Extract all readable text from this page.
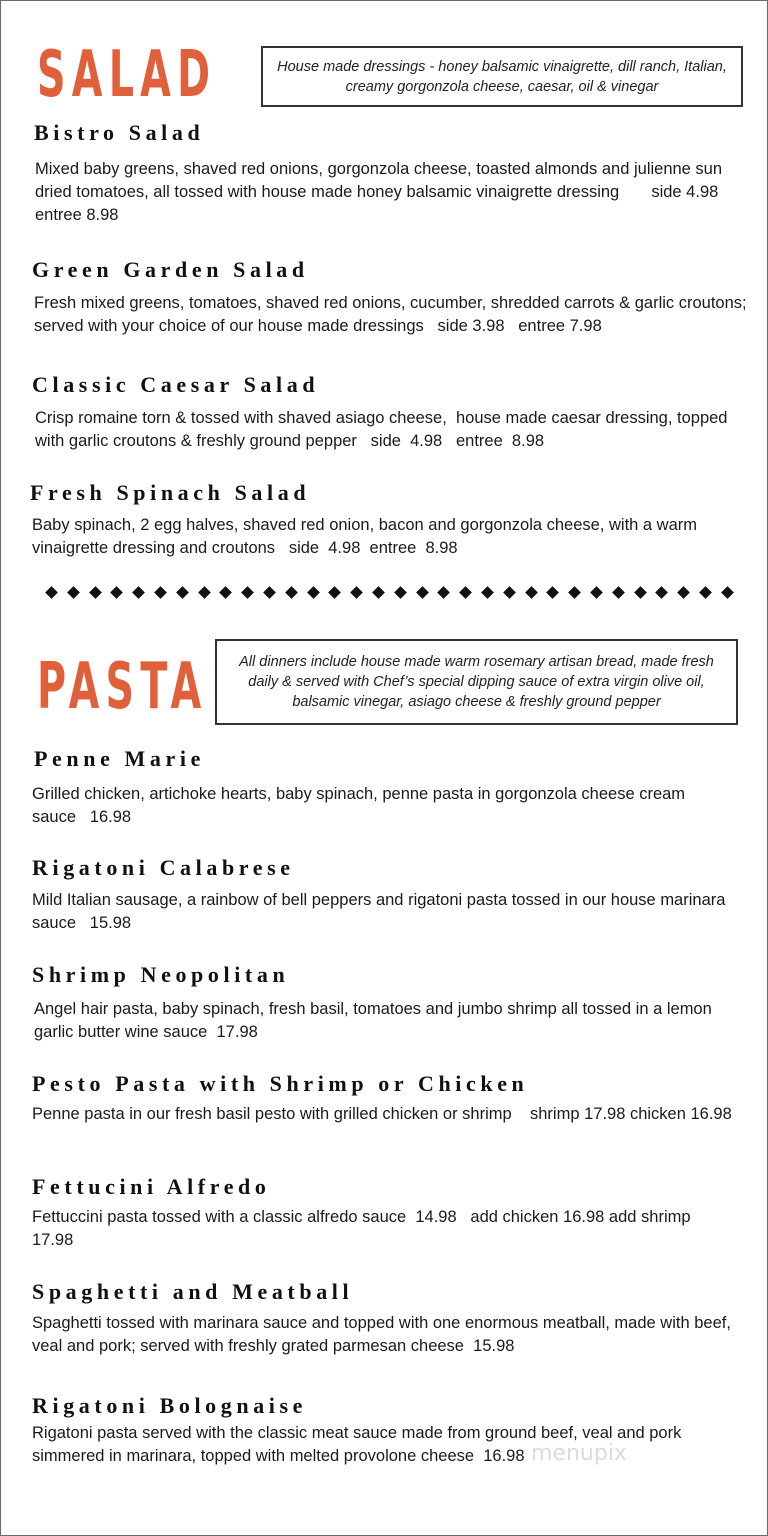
SALAD	House made dressings - honey balsamic vinaigrette, dill ranch, Italian, creamy gorgonzola cheese, caesar, oil & vinegar
Bistro Salad
Mixed baby greens, shaved red onions, gorgonzola cheese, toasted almonds and julienne sun dried tomatoes, all tossed with house made honey balsamic vinaigrette dressing       side 4.98    entree 8.98
Green Garden Salad
Fresh mixed greens, tomatoes, shaved red onions, cucumber, shredded carrots & garlic croutons; served with your choice of our house made dressings   side 3.98   entree 7.98
Classic Caesar Salad
Crisp romaine torn & tossed with shaved asiago cheese,  house made caesar dressing, topped with garlic croutons & freshly ground pepper   side  4.98   entree  8.98
Fresh Spinach Salad
Baby spinach, 2 egg halves, shaved red onion, bacon and gorgonzola cheese, with a warm vinaigrette dressing and croutons   side  4.98  entree  8.98
PASTA	All dinners include house made warm rosemary artisan bread, made fresh daily & served with Chef’s special dipping sauce of extra virgin olive oil, balsamic vinegar, asiago cheese & freshly ground pepper
Penne Marie
Grilled chicken, artichoke hearts, baby spinach, penne pasta in gorgonzola cheese cream sauce   16.98
Rigatoni Calabrese
Mild Italian sausage, a rainbow of bell peppers and rigatoni pasta tossed in our house marinara sauce   15.98
Shrimp Neopolitan
Angel hair pasta, baby spinach, fresh basil, tomatoes and jumbo shrimp all tossed in a lemon garlic butter wine sauce  17.98
Pesto Pasta with Shrimp or Chicken
Penne pasta in our fresh basil pesto with grilled chicken or shrimp    shrimp 17.98 chicken 16.98
Fettucini Alfredo
Fettuccini pasta tossed with a classic alfredo sauce  14.98   add chicken 16.98 add shrimp  17.98
Spaghetti and Meatball
Spaghetti tossed with marinara sauce and topped with one enormous meatball, made with beef, veal and pork; served with freshly grated parmesan cheese  15.98
Rigatoni Bolognaise
Rigatoni pasta served with the classic meat sauce made from ground beef, veal and pork simmered in marinara, topped with melted provolone cheese  16.98 menupix
